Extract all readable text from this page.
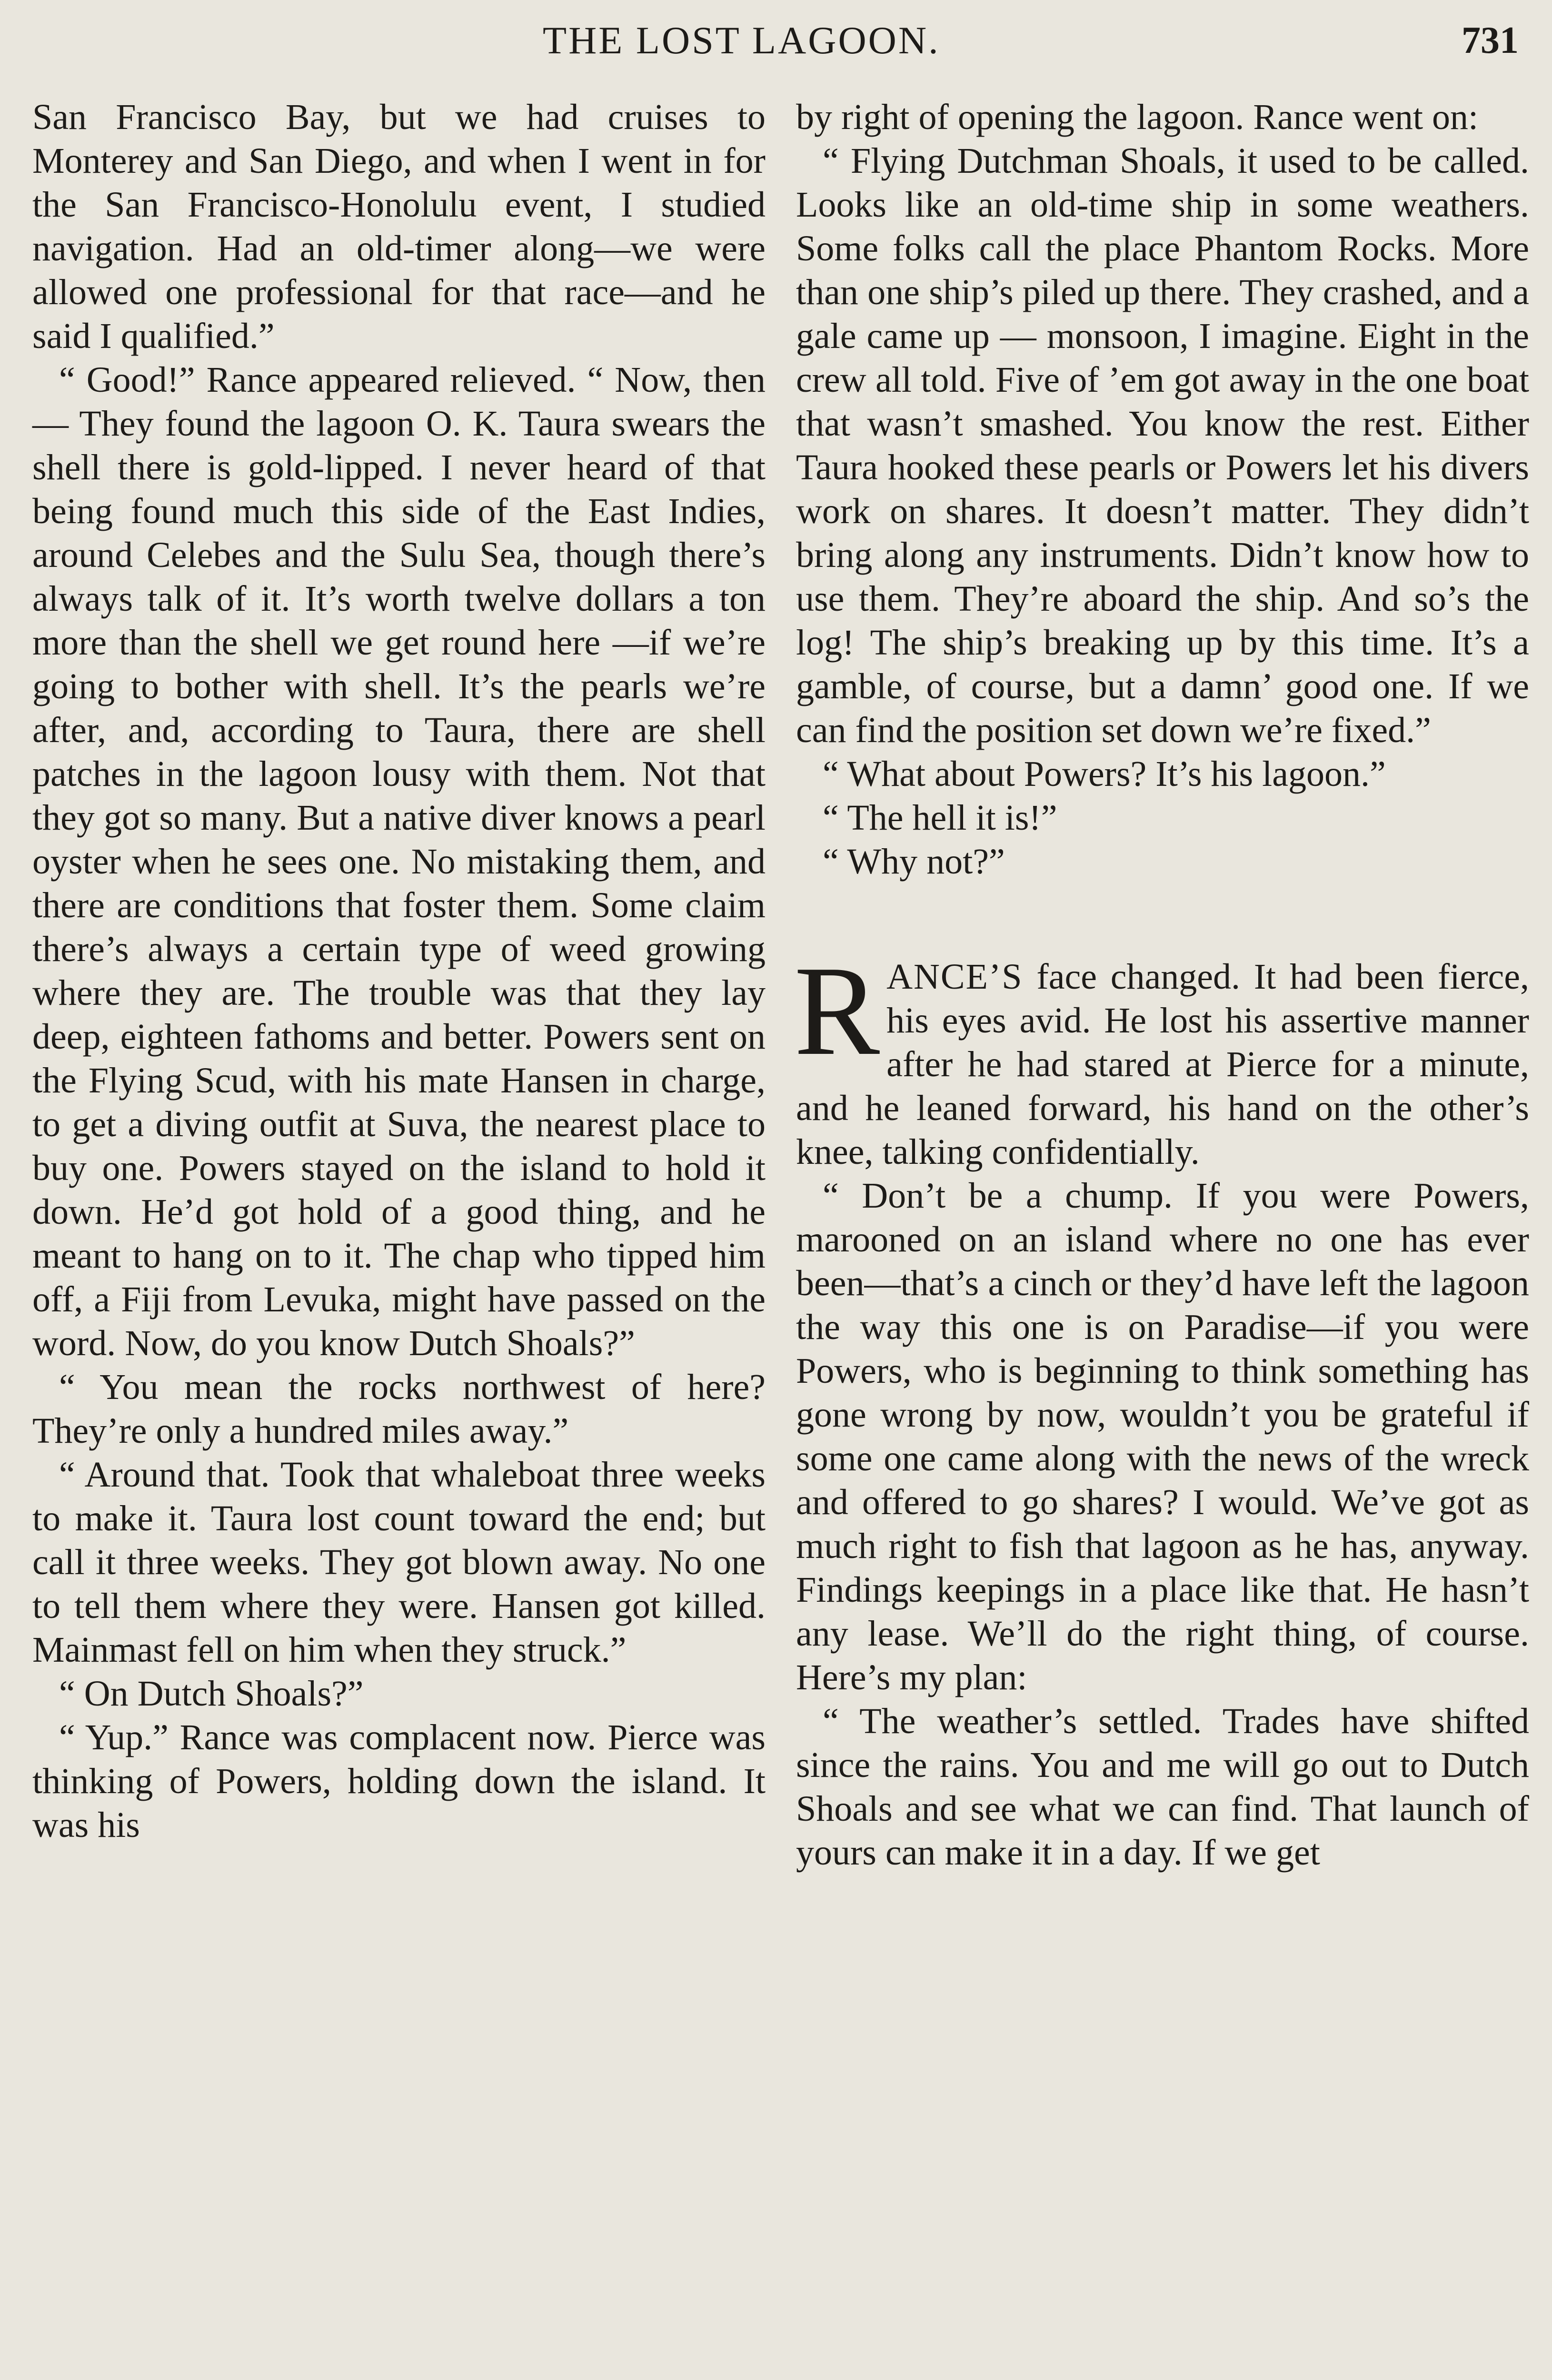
THE LOST LAGOON.	731

San Francisco Bay, but we had cruises to Monterey and San Diego, and when I went in for the San Francisco-Honolulu event, I studied navigation. Had an old-timer along—we were allowed one professional for that race—and he said I qualified.”

“ Good!” Rance appeared relieved. “ Now, then— They found the lagoon O. K. Taura swears the shell there is gold-lipped. I never heard of that being found much this side of the East Indies, around Celebes and the Sulu Sea, though there’s always talk of it. It’s worth twelve dollars a ton more than the shell we get round here —if we’re going to bother with shell. It’s the pearls we’re after, and, according to Taura, there are shell patches in the lagoon lousy with them. Not that they got so many. But a native diver knows a pearl oyster when he sees one. No mistaking them, and there are conditions that foster them. Some claim there’s always a certain type of weed growing where they are. The trouble was that they lay deep, eighteen fathoms and better. Powers sent on the Flying Scud, with his mate Hansen in charge, to get a diving outfit at Suva, the nearest place to buy one. Powers stayed on the island to hold it down. He’d got hold of a good thing, and he meant to hang on to it. The chap who tipped him off, a Fiji from Levuka, might have passed on the word. Now, do you know Dutch Shoals?”

“ You mean the rocks northwest of here? They’re only a hundred miles away.”

“ Around that. Took that whaleboat three weeks to make it. Taura lost count toward the end; but call it three weeks. They got blown away. No one to tell them where they were. Hansen got killed. Mainmast fell on him when they struck.”

“ On Dutch Shoals?”

“ Yup.” Rance was complacent now. Pierce was thinking of Powers, holding down the island. It was his

by right of opening the lagoon. Rance went on:

“ Flying Dutchman Shoals, it used to be called. Looks like an old-time ship in some weathers. Some folks call the place Phantom Rocks. More than one ship’s piled up there. They crashed, and a gale came up — monsoon, I imagine. Eight in the crew all told. Five of ’em got away in the one boat that wasn’t smashed. You know the rest. Either Taura hooked these pearls or Powers let his divers work on shares. It doesn’t matter. They didn’t bring along any instruments. Didn’t know how to use them. They’re aboard the ship. And so’s the log! The ship’s breaking up by this time. It’s a gamble, of course, but a damn’ good one. If we can find the position set down we’re fixed.”

“ What about Powers? It’s his lagoon.”

“ The hell it is!”

“ Why not?”

RANCE’S face changed. It had been fierce, his eyes avid. He lost his assertive manner after he had stared at Pierce for a minute, and he leaned forward, his hand on the other’s knee, talking confidentially.

“ Don’t be a chump. If you were Powers, marooned on an island where no one has ever been—that’s a cinch or they’d have left the lagoon the way this one is on Paradise—if you were Powers, who is beginning to think something has gone wrong by now, wouldn’t you be grateful if some one came along with the news of the wreck and offered to go shares? I would. We’ve got as much right to fish that lagoon as he has, anyway. Findings keepings in a place like that. He hasn’t any lease. We’ll do the right thing, of course. Here’s my plan:

“ The weather’s settled. Trades have shifted since the rains. You and me will go out to Dutch Shoals and see what we can find. That launch of yours can make it in a day. If we get
